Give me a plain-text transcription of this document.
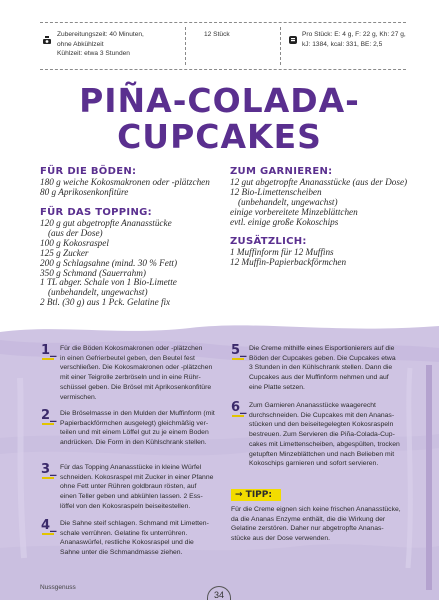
Zubereitungszeit: 40 Minuten,
ohne Abkühlzeit
Kühlzeit: etwa 3 Stunden
12 Stück	Pro Stück: E: 4 g, F: 22 g, Kh: 27 g,
kJ: 1384, kcal: 331, BE: 2,5
PIÑA-COLADA-
CUPCAKES
FÜR DIE BÖDEN:
180 g weiche Kokosmakronen oder -plätzchen
80 g Aprikosenkonfitüre
FÜR DAS TOPPING:
120 g gut abgetropfte Ananasstücke
(aus der Dose)
100 g Kokosraspel
125 g Zucker
200 g Schlagsahne (mind. 30 % Fett)
350 g Schmand (Sauerrahm)
1 TL abger. Schale von 1 Bio-Limette
(unbehandelt, ungewachst)
2 Btl. (30 g) aus 1 Pck. Gelatine fix
ZUM GARNIEREN:
12 gut abgetropfte Ananasstücke (aus der Dose)
12 Bio-Limettenscheiben
(unbehandelt, ungewachst)
einige vorbereitete Minzeblättchen
evtl. einige große Kokoschips
ZUSÄTZLICH:
1 Muffinform für 12 Muffins
12 Muffin-Papierbackförmchen
1_ Für die Böden Kokosmakronen oder -plätzchen
in einen Gefrierbeutel geben, den Beutel fest
verschließen. Die Kokosmakronen oder -plätzchen
mit einer Teigrolle zerbröseln und in eine Rühr-
schüssel geben. Die Brösel mit Aprikosenkonfitüre
vermischen.
2_ Die Bröselmasse in den Mulden der Muffinform (mit
Papierbackförmchen ausgelegt) gleichmäßig ver-
teilen und mit einem Löffel gut zu je einem Boden
andrücken. Die Form in den Kühlschrank stellen.
3_ Für das Topping Ananasstücke in kleine Würfel
schneiden. Kokosraspel mit Zucker in einer Pfanne
ohne Fett unter Rühren goldbraun rösten, auf
einen Teller geben und abkühlen lassen. 2 Ess-
löffel von den Kokosraspeln beiseitestellen.
4_ Die Sahne steif schlagen. Schmand mit Limetten-
schale verrühren. Gelatine fix unterrühren.
Ananaswürfel, restliche Kokosraspel und die
Sahne unter die Schmandmasse ziehen.
5_ Die Creme mithilfe eines Eisportionierers auf die
Böden der Cupcakes geben. Die Cupcakes etwa
3 Stunden in den Kühlschrank stellen. Dann die
Cupcakes aus der Muffinform nehmen und auf
eine Platte setzen.
6_ Zum Garnieren Ananasstücke waagerecht
durchschneiden. Die Cupcakes mit den Ananas-
stücken und den beiseitegelegten Kokosraspeln
bestreuen. Zum Servieren die Piña-Colada-Cup-
cakes mit Limettenscheiben, abgespülten, trocken
getupften Minzeblättchen und nach Belieben mit
Kokoschips garnieren und sofort servieren.
→ TIPP:
Für die Creme eignen sich keine frischen Ananasstücke,
da die Ananas Enzyme enthält, die die Wirkung der
Gelatine zerstören. Daher nur abgetropfte Ananas-
stücke aus der Dose verwenden.
Nussgenuss
34
